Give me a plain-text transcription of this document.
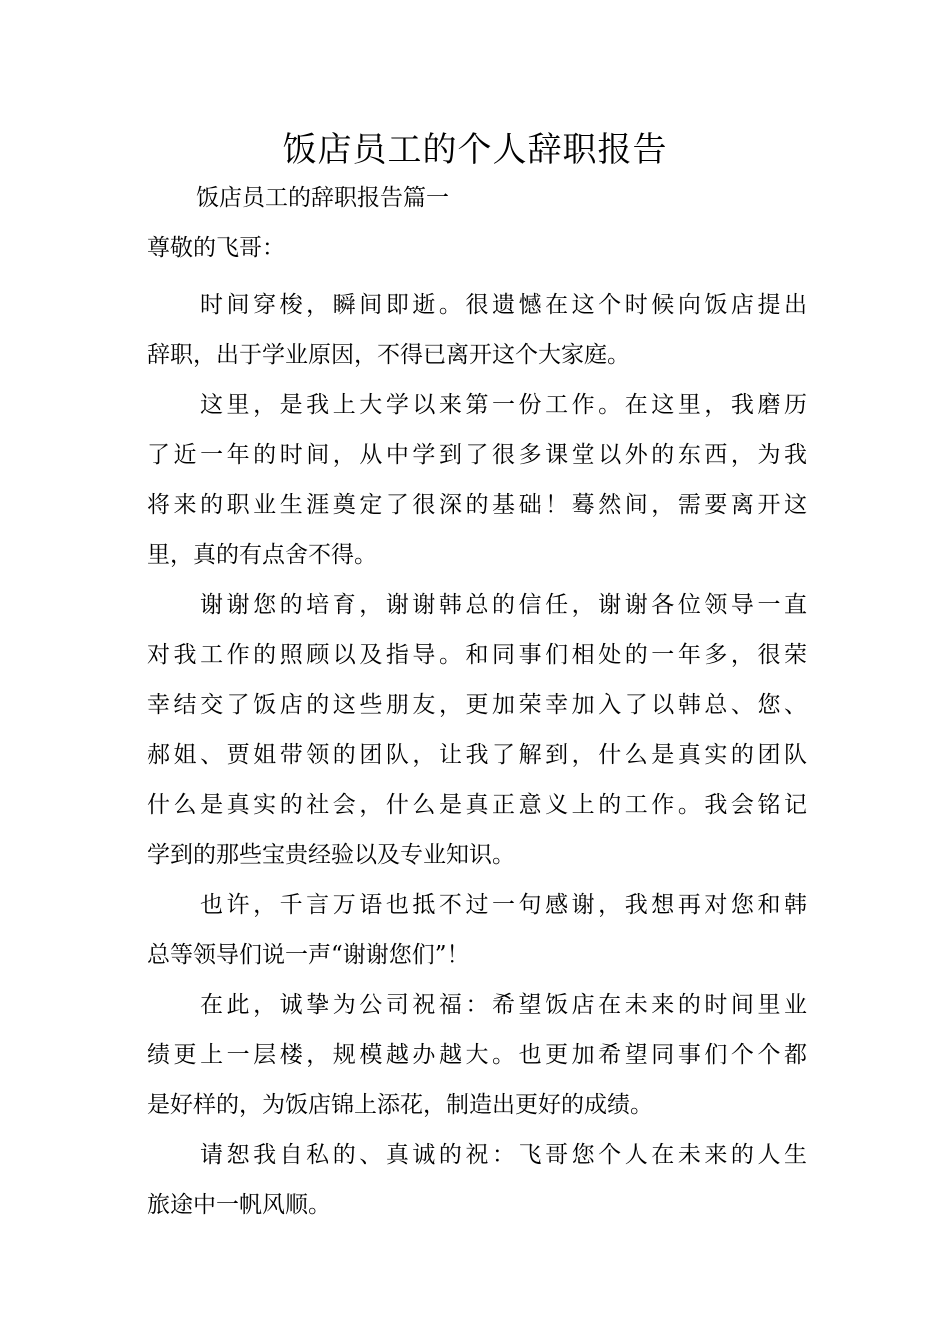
饭店员工的个人辞职报告
饭店员工的辞职报告篇一
尊敬的飞哥：
时间穿梭，瞬间即逝。很遗憾在这个时候向饭店提出
辞职，出于学业原因，不得已离开这个大家庭。
这里，是我上大学以来第一份工作。在这里，我磨历
了近一年的时间，从中学到了很多课堂以外的东西，为我
将来的职业生涯奠定了很深的基础！蓦然间，需要离开这
里，真的有点舍不得。
谢谢您的培育，谢谢韩总的信任，谢谢各位领导一直
对我工作的照顾以及指导。和同事们相处的一年多，很荣
幸结交了饭店的这些朋友，更加荣幸加入了以韩总、您、
郝姐、贾姐带领的团队，让我了解到，什么是真实的团队
什么是真实的社会，什么是真正意义上的工作。我会铭记
学到的那些宝贵经验以及专业知识。
也许，千言万语也抵不过一句感谢，我想再对您和韩
总等领导们说一声“谢谢您们”！
在此，诚挚为公司祝福：希望饭店在未来的时间里业
绩更上一层楼，规模越办越大。也更加希望同事们个个都
是好样的，为饭店锦上添花，制造出更好的成绩。
请恕我自私的、真诚的祝：飞哥您个人在未来的人生
旅途中一帆风顺。
